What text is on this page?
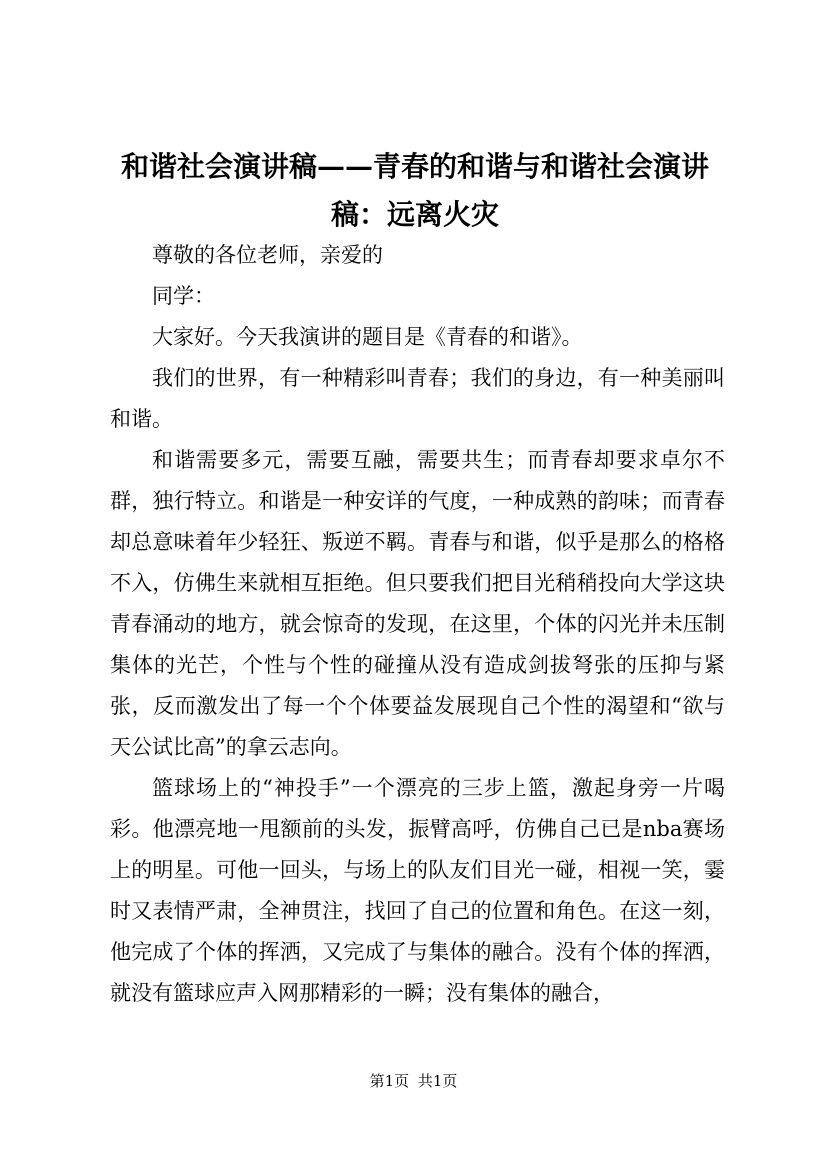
和谐社会演讲稿——青春的和谐与和谐社会演讲稿：远离火灾

尊敬的各位老师，亲爱的

同学：

大家好。今天我演讲的题目是《青春的和谐》。

我们的世界，有一种精彩叫青春；我们的身边，有一种美丽叫和谐。

和谐需要多元，需要互融，需要共生；而青春却要求卓尔不群，独行特立。和谐是一种安详的气度，一种成熟的韵味；而青春却总意味着年少轻狂、叛逆不羁。青春与和谐，似乎是那么的格格不入，仿佛生来就相互拒绝。但只要我们把目光稍稍投向大学这块青春涌动的地方，就会惊奇的发现，在这里，个体的闪光并未压制集体的光芒，个性与个性的碰撞从没有造成剑拔弩张的压抑与紧张，反而激发出了每一个个体要益发展现自己个性的渴望和“欲与天公试比高”的拿云志向。

篮球场上的“神投手”一个漂亮的三步上篮，激起身旁一片喝彩。他漂亮地一甩额前的头发，振臂高呼，仿佛自己已是nba赛场上的明星。可他一回头，与场上的队友们目光一碰，相视一笑，霎时又表情严肃，全神贯注，找回了自己的位置和角色。在这一刻，他完成了个体的挥洒，又完成了与集体的融合。没有个体的挥洒，就没有篮球应声入网那精彩的一瞬；没有集体的融合，

第1页 共1页
